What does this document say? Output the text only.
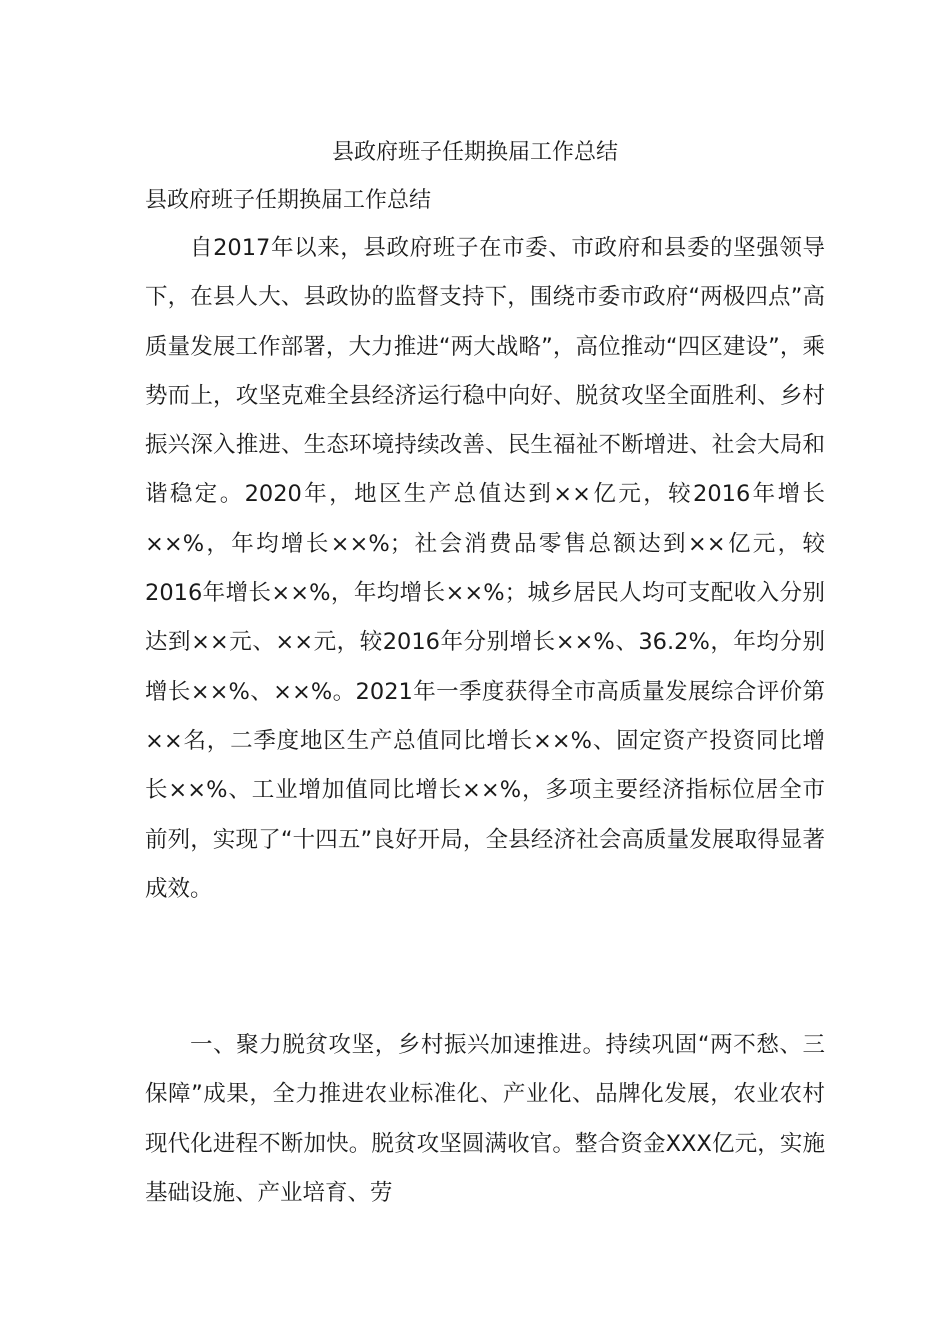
县政府班子任期换届工作总结

县政府班子任期换届工作总结

自2017年以来，县政府班子在市委、市政府和县委的坚强领导下，在县人大、县政协的监督支持下，围绕市委市政府“两极四点”高质量发展工作部署，大力推进“两大战略”，高位推动“四区建设”，乘势而上，攻坚克难全县经济运行稳中向好、脱贫攻坚全面胜利、乡村振兴深入推进、生态环境持续改善、民生福祉不断增进、社会大局和谐稳定。2020年，地区生产总值达到××亿元，较2016年增长××%，年均增长××%；社会消费品零售总额达到××亿元，较2016年增长××%，年均增长××%；城乡居民人均可支配收入分别达到××元、××元，较2016年分别增长××%、36.2%，年均分别增长××%、××%。2021年一季度获得全市高质量发展综合评价第××名，二季度地区生产总值同比增长××%、固定资产投资同比增长××%、工业增加值同比增长××%，多项主要经济指标位居全市前列，实现了“十四五”良好开局，全县经济社会高质量发展取得显著成效。

一、聚力脱贫攻坚，乡村振兴加速推进。持续巩固“两不愁、三保障”成果，全力推进农业标准化、产业化、品牌化发展，农业农村现代化进程不断加快。脱贫攻坚圆满收官。整合资金XXX亿元，实施基础设施、产业培育、劳
